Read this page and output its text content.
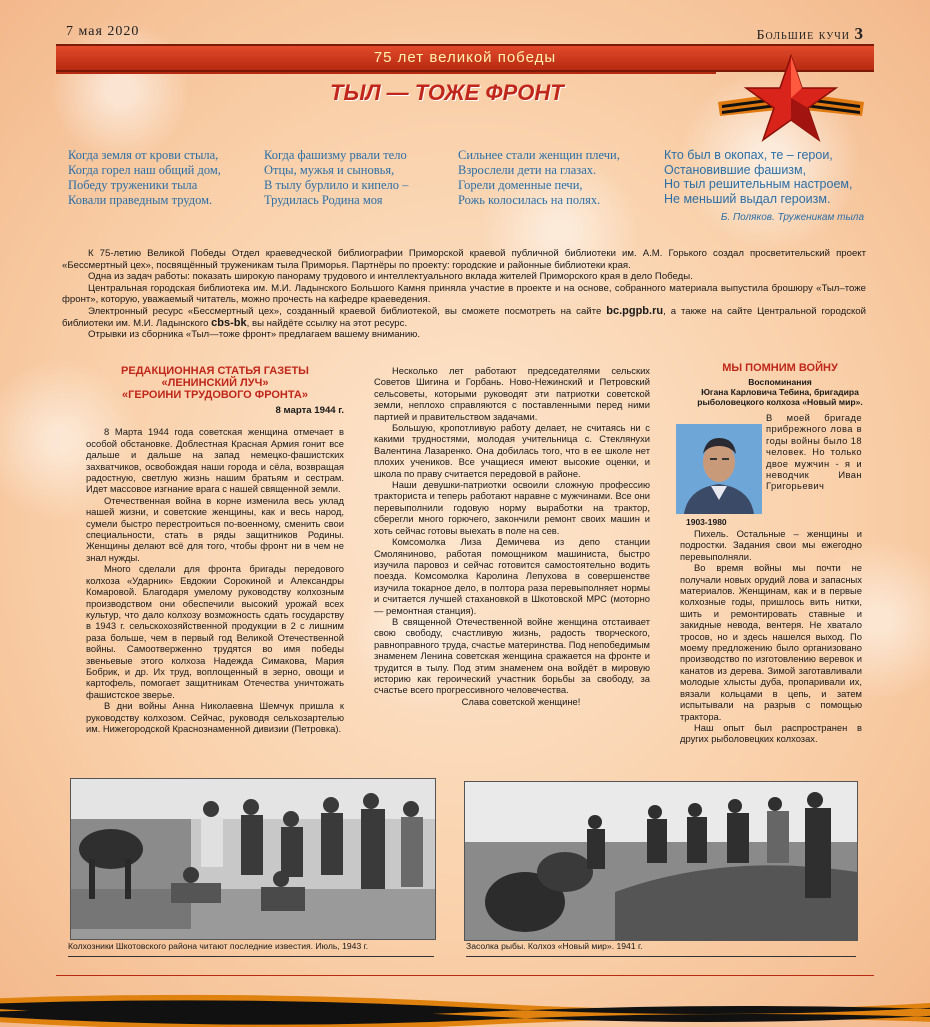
7 мая 2020	Большие кучи 3
75 лет великой победы
ТЫЛ — ТОЖЕ ФРОНТ
Когда земля от крови стыла,
Когда горел наш общий дом,
Победу труженики тыла
Ковали праведным трудом.
Когда фашизму рвали тело
Отцы, мужья и сыновья,
В тылу бурлило и кипело –
Трудилась Родина моя
Сильнее стали женщин плечи,
Взрослели дети на глазах.
Горели доменные печи,
Рожь колосилась на полях.
Кто был в окопах, те – герои,
Остановившие фашизм,
Но тыл решительным настроем,
Не меньший выдал героизм.
Б. Поляков. Труженикам тыла

К 75-летию Великой Победы Отдел краеведческой библиографии Приморской краевой публичной библиотеки им. А.М. Горького создал просветительский проект «Бессмертный цех», посвящённый труженикам тыла Приморья. Партнёры по проекту: городские и районные библиотеки края.

Одна из задач работы: показать широкую панораму трудового и интеллектуального вклада жителей Приморского края в дело Победы.

Центральная городская библиотека им. М.И. Ладынского Большого Камня приняла участие в проекте и на основе, собранного материала выпустила брошюру «Тыл–тоже фронт», которую, уважаемый читатель, можно прочесть на кафедре краеведения.

Электронный ресурс «Бессмертный цех», созданный краевой библиотекой, вы сможете посмотреть на сайте bc.pgpb.ru, а также на сайте Центральной городской библиотеки им. М.И. Ладынского cbs-bk, вы найдёте ссылку на этот ресурс.

Отрывки из сборника «Тыл—тоже фронт» предлагаем вашему вниманию.

РЕДАКЦИОННАЯ СТАТЬЯ ГАЗЕТЫ

«ЛЕНИНСКИЙ ЛУЧ»

«ГЕРОИНИ ТРУДОВОГО ФРОНТА»

8 марта 1944 г.

8 Марта 1944 года советская женщина отмечает в особой обстановке. Доблестная Красная Армия гонит все дальше и дальше на запад немецко-фашистских захватчиков, освобождая наши города и сёла, возвращая радостную, светлую жизнь нашим братьям и сестрам. Идет массовое изгнание врага с нашей священной земли.

Отечественная война в корне изменила весь уклад нашей жизни, и советские женщины, как и весь народ, сумели быстро перестроиться по-военному, сменить свои специальности, стать в ряды защитников Родины. Женщины делают всё для того, чтобы фронт ни в чем не знал нужды.

Много сделали для фронта бригады передового колхоза «Ударник» Евдокии Сорокиной и Александры Комаровой. Благодаря умелому руководству колхозным производством они обеспечили высокий урожай всех культур, что дало колхозу возможность сдать государству в 1943 г. сельскохозяйственной продукции в 2 с лишним раза больше, чем в первый год Великой Отечественной войны. Самоотверженно трудятся во имя победы звеньевые этого колхоза Надежда Симакова, Мария Бобрик, и др. Их труд, воплощенный в зерно, овощи и картофель, помогает защитникам Отечества уничтожать фашистское зверье.

В дни войны Анна Николаевна Шемчук пришла к руководству колхозом. Сейчас, руководя сельхозартелью им. Нижегородской Краснознаменной дивизии (Петровка).

Несколько лет работают председателями сельских Советов Шигина и Горбань. Ново-Нежинский и Петровский сельсоветы, которыми руководят эти патриотки советской земли, неплохо справляются с поставленными перед ними партией и правительством задачами.

Большую, кропотливую работу делает, не считаясь ни с какими трудностями, молодая учительница с. Стеклянухи Валентина Лазаренко. Она добилась того, что в ее школе нет плохих учеников. Все учащиеся имеют высокие оценки, и школа по праву считается передовой в районе.

Наши девушки-патриотки освоили сложную профессию тракториста и теперь работают наравне с мужчинами. Все они перевыполнили годовую норму выработки на трактор, сберегли много горючего, закончили ремонт своих машин и хоть сейчас готовы выехать в поле на сев.

Комсомолка Лиза Демичева из депо станции Смоляниново, работая помощником машиниста, быстро изучила паровоз и сейчас готовится самостоятельно водить поезда. Комсомолка Каролина Лепухова в совершенстве изучила токарное дело, в полтора раза перевыполняет нормы и считается лучшей стахановкой в Шкотовской МРС (моторно — ремонтная станция).

В священной Отечественной войне женщина отстаивает свою свободу, счастливую жизнь, радость творческого, равноправного труда, счастье материнства. Под непобедимым знаменем Ленина советская женщина сражается на фронте и трудится в тылу. Под этим знаменем она войдёт в мировую историю как героический участник борьбы за свободу, за счастье всего прогрессивного человечества.

Слава советской женщине!

МЫ ПОМНИМ ВОЙНУ
Воспоминания
Югана Карловича Тебина, бригадира рыболовецкого колхоза «Новый мир».
1903-1980
В моей бригаде прибрежного лова в годы войны было 18 человек. Но только двое мужчин - я и неводчик Иван Григорьевич

Пихель. Остальные – женщины и подростки. Задания свои мы ежегодно перевыполняли.

Во время войны мы почти не получали новых орудий лова и запасных материалов. Женщинам, как и в первые колхозные годы, пришлось вить нитки, шить и ремонтировать ставные и закидные невода, вентеря. Не хватало тросов, но и здесь нашелся выход. По моему предложению было организовано производство по изготовлению веревок и канатов из дерева. Зимой заготавливали молодые хлысты дуба, пропаривали их, вязали кольцами в цепь, и затем испытывали на разрыв с помощью трактора.

Наш опыт был распространен в других рыболовецких колхозах.

Колхозники Шкотовского района читают последние известия. Июль, 1943 г.	Засолка рыбы. Колхоз «Новый мир». 1941 г.
